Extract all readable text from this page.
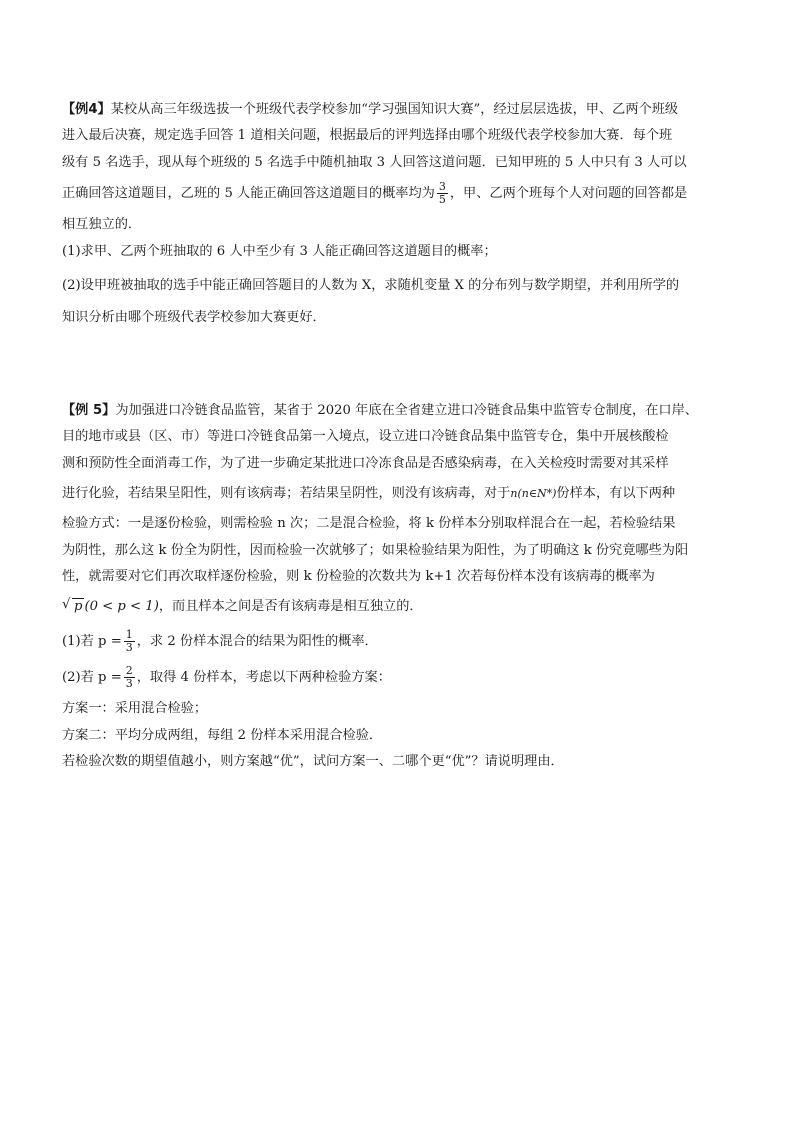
【例4】某校从高三年级选拔一个班级代表学校参加“学习强国知识大赛”，经过层层选拔，甲、乙两个班级
进入最后决赛，规定选手回答 1 道相关问题，根据最后的评判选择由哪个班级代表学校参加大赛．每个班
级有 5 名选手，现从每个班级的 5 名选手中随机抽取 3 人回答这道问题．已知甲班的 5 人中只有 3 人可以
正确回答这道题目，乙班的 5 人能正确回答这道题目的概率均为 $\frac{3}{5}$ ，甲、乙两个班每个人对问题的回答都是
相互独立的．
(1)求甲、乙两个班抽取的 6 人中至少有 3 人能正确回答这道题目的概率；
(2)设甲班被抽取的选手中能正确回答题目的人数为 X，求随机变量 X 的分布列与数学期望，并利用所学的
知识分析由哪个班级代表学校参加大赛更好．
【例 5】为加强进口冷链食品监管，某省于 2020 年底在全省建立进口冷链食品集中监管专仓制度，在口岸、
目的地市或县（区、市）等进口冷链食品第一入境点，设立进口冷链食品集中监管专仓，集中开展核酸检
测和预防性全面消毒工作，为了进一步确定某批进口冷冻食品是否感染病毒，在入关检疫时需要对其采样
进行化验，若结果呈阳性，则有该病毒；若结果呈阴性，则没有该病毒，对于n(n∈N*)份样本，有以下两种
检验方式：一是逐份检验，则需检验 n 次；二是混合检验，将 k 份样本分别取样混合在一起，若检验结果
为阴性，那么这 k 份全为阴性，因而检验一次就够了；如果检验结果为阳性，为了明确这 k 份究竟哪些为阳
性，就需要对它们再次取样逐份检验，则 k 份检验的次数共为 k+1 次若每份样本没有该病毒的概率为
√ p (0 < p < 1)，而且样本之间是否有该病毒是相互独立的．
(1)若 $p = \frac{1}{3}$ ，求 2 份样本混合的结果为阳性的概率．
(2)若 $p = \frac{2}{3}$ ，取得 4 份样本，考虑以下两种检验方案：
方案一：采用混合检验；
方案二：平均分成两组，每组 2 份样本采用混合检验．
若检验次数的期望值越小，则方案越“优”，试问方案一、二哪个更“优”？请说明理由．
